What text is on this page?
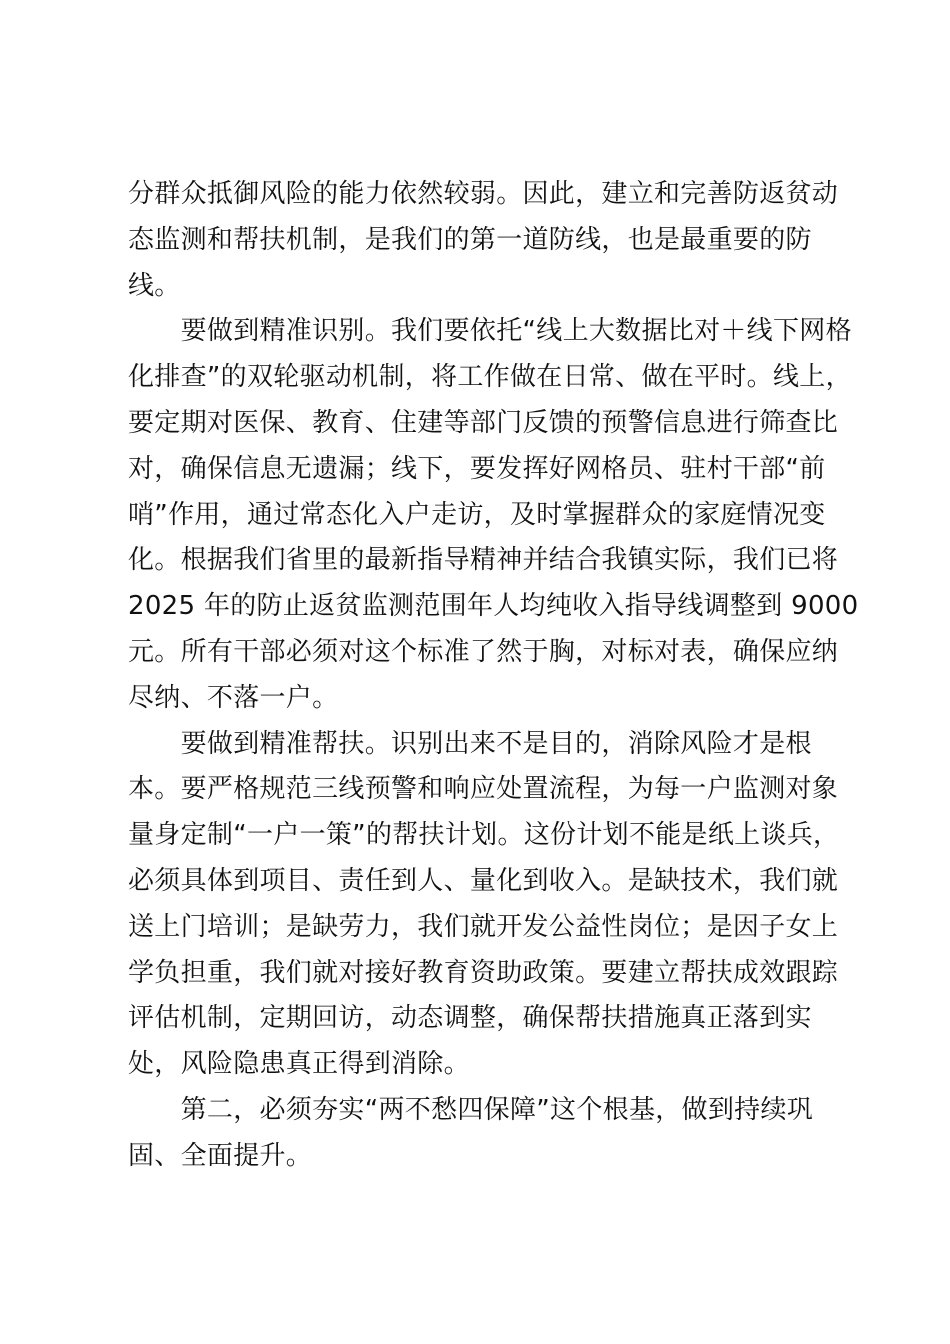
分群众抵御风险的能力依然较弱。因此，建立和完善防返贫动
态监测和帮扶机制，是我们的第一道防线，也是最重要的防
线。
　　要做到精准识别。我们要依托“线上大数据比对＋线下网格
化排查”的双轮驱动机制，将工作做在日常、做在平时。线上，
要定期对医保、教育、住建等部门反馈的预警信息进行筛查比
对，确保信息无遗漏；线下，要发挥好网格员、驻村干部“前
哨”作用，通过常态化入户走访，及时掌握群众的家庭情况变
化。根据我们省里的最新指导精神并结合我镇实际，我们已将
2025 年的防止返贫监测范围年人均纯收入指导线调整到 9000
元。所有干部必须对这个标准了然于胸，对标对表，确保应纳
尽纳、不落一户。
　　要做到精准帮扶。识别出来不是目的，消除风险才是根
本。要严格规范三线预警和响应处置流程，为每一户监测对象
量身定制“一户一策”的帮扶计划。这份计划不能是纸上谈兵，
必须具体到项目、责任到人、量化到收入。是缺技术，我们就
送上门培训；是缺劳力，我们就开发公益性岗位；是因子女上
学负担重，我们就对接好教育资助政策。要建立帮扶成效跟踪
评估机制，定期回访，动态调整，确保帮扶措施真正落到实
处，风险隐患真正得到消除。
　　第二，必须夯实“两不愁四保障”这个根基，做到持续巩
固、全面提升。
